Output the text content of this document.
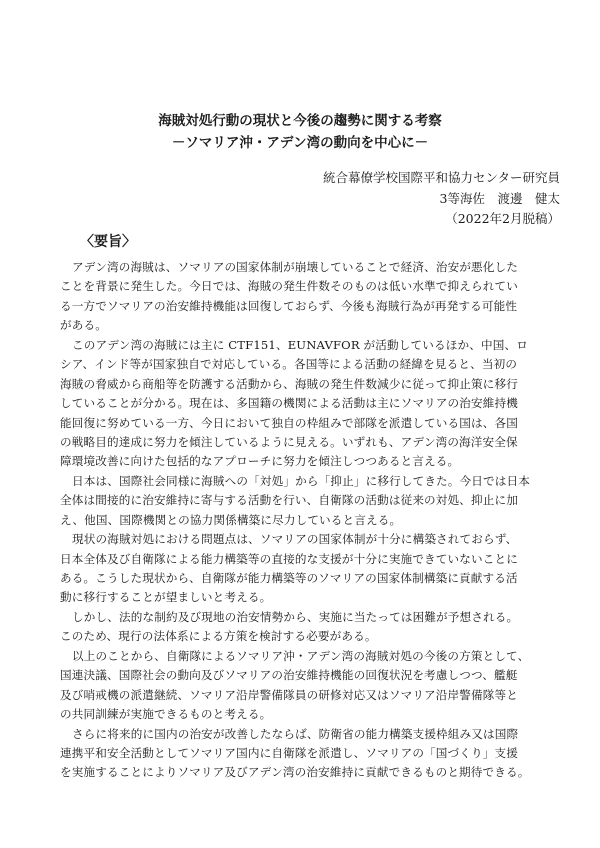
海賊対処行動の現状と今後の趨勢に関する考察
－ソマリア沖・アデン湾の動向を中心に－
統合幕僚学校国際平和協力センター研究員
3等海佐　渡邊　健太
（2022年2月脱稿）
〈要旨〉
アデン湾の海賊は、ソマリアの国家体制が崩壊していることで経済、治安が悪化した
ことを背景に発生した。今日では、海賊の発生件数そのものは低い水準で抑えられてい
る一方でソマリアの治安維持機能は回復しておらず、今後も海賊行為が再発する可能性
がある。
このアデン湾の海賊には主に CTF151、EUNAVFOR が活動しているほか、中国、ロ
シア、インド等が国家独自で対応している。各国等による活動の経緯を見ると、当初の
海賊の脅威から商船等を防護する活動から、海賊の発生件数減少に従って抑止策に移行
していることが分かる。現在は、多国籍の機関による活動は主にソマリアの治安維持機
能回復に努めている一方、今日において独自の枠組みで部隊を派遣している国は、各国
の戦略目的達成に努力を傾注しているように見える。いずれも、アデン湾の海洋安全保
障環境改善に向けた包括的なアプローチに努力を傾注しつつあると言える。
日本は、国際社会同様に海賊への「対処」から「抑止」に移行してきた。今日では日本
全体は間接的に治安維持に寄与する活動を行い、自衛隊の活動は従来の対処、抑止に加
え、他国、国際機関との協力関係構築に尽力していると言える。
現状の海賊対処における問題点は、ソマリアの国家体制が十分に構築されておらず、
日本全体及び自衛隊による能力構築等の直接的な支援が十分に実施できていないことに
ある。こうした現状から、自衛隊が能力構築等のソマリアの国家体制構築に貢献する活
動に移行することが望ましいと考える。
しかし、法的な制約及び現地の治安情勢から、実施に当たっては困難が予想される。
このため、現行の法体系による方策を検討する必要がある。
以上のことから、自衛隊によるソマリア沖・アデン湾の海賊対処の今後の方策として、
国連決議、国際社会の動向及びソマリアの治安維持機能の回復状況を考慮しつつ、艦艇
及び哨戒機の派遣継続、ソマリア沿岸警備隊員の研修対応又はソマリア沿岸警備隊等と
の共同訓練が実施できるものと考える。
さらに将来的に国内の治安が改善したならば、防衛省の能力構築支援枠組み又は国際
連携平和安全活動としてソマリア国内に自衛隊を派遣し、ソマリアの「国づくり」支援
を実施することによりソマリア及びアデン湾の治安維持に貢献できるものと期待できる。
